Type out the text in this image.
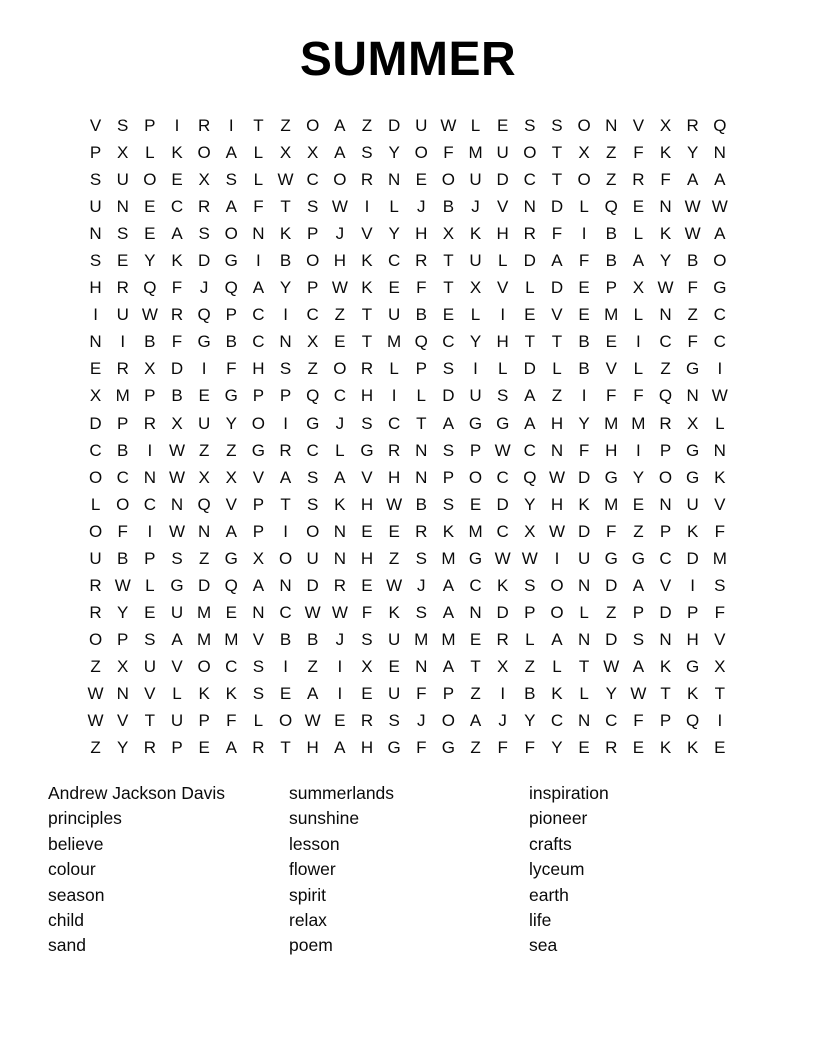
SUMMER
V S P	I	R	I	T Z O A Z D U W L E S S O N V X R Q
P X L K O A L X X A S Y O F M U O T X Z F K Y N
S U O E X S L W C O R N E O U D C T O Z R F A A
U N E C R A F T S W I	L	J	B	J	V N D L Q E N W W
N S E A S O N K P	J	V Y H X K H R F	I	B L K W A
S E Y K D G	I	B O H K C R T U L D A F B A Y B O
H R Q F	J Q A Y P W K E F T X V L D E P X W F G
I	U W R Q P C	I	C Z T U B E L	I	E V E M L N Z C
N	I	B F G B C N X E T M Q C Y H T T B E	I	C F C
E R X D	I	F H S Z O R L P S	I	L D L B V L	Z G	I
X M P B E G P P Q C H	I	L D U S A Z	I	F F Q N W
D P R X U Y O	I	G J	S C T A G G A H Y M M R X L
C B	I W Z Z G R C L G R N S P W C N F H	I	P G N
O C N W X X V A S A V H N P O C Q W D G Y O G K
L O C N Q V P T S K H W B S E D Y H K M E N U V
O F	I W N A P	I	O N E E R K M C X W D F Z P K F
U B P S Z G X O U N H Z S M G W W I	U G G C D M
R W L G D Q A N D R E W J	A C K S O N D A V	I	S
R Y E U M E N C W W F K S A N D P O L	Z P D P F
O P S A M M V B B	J	S U M M E R L A N D S N H V
Z X U V O C S	I	Z	I	X E N A T X Z	L	T W A K G X
W N V L K K S E A	I	E U F P Z	I	B K L Y W T K T
W V T U P F	L O W E R S	J O A	J	Y C N C F P Q	I
Z Y R P E A R T H A H G F G Z F F Y E R E K K E
Andrew Jackson Davis
principles
believe
colour
season
child
sand
summerlands
sunshine
lesson
flower
spirit
relax
poem
inspiration
pioneer
crafts
lyceum
earth
life
sea
